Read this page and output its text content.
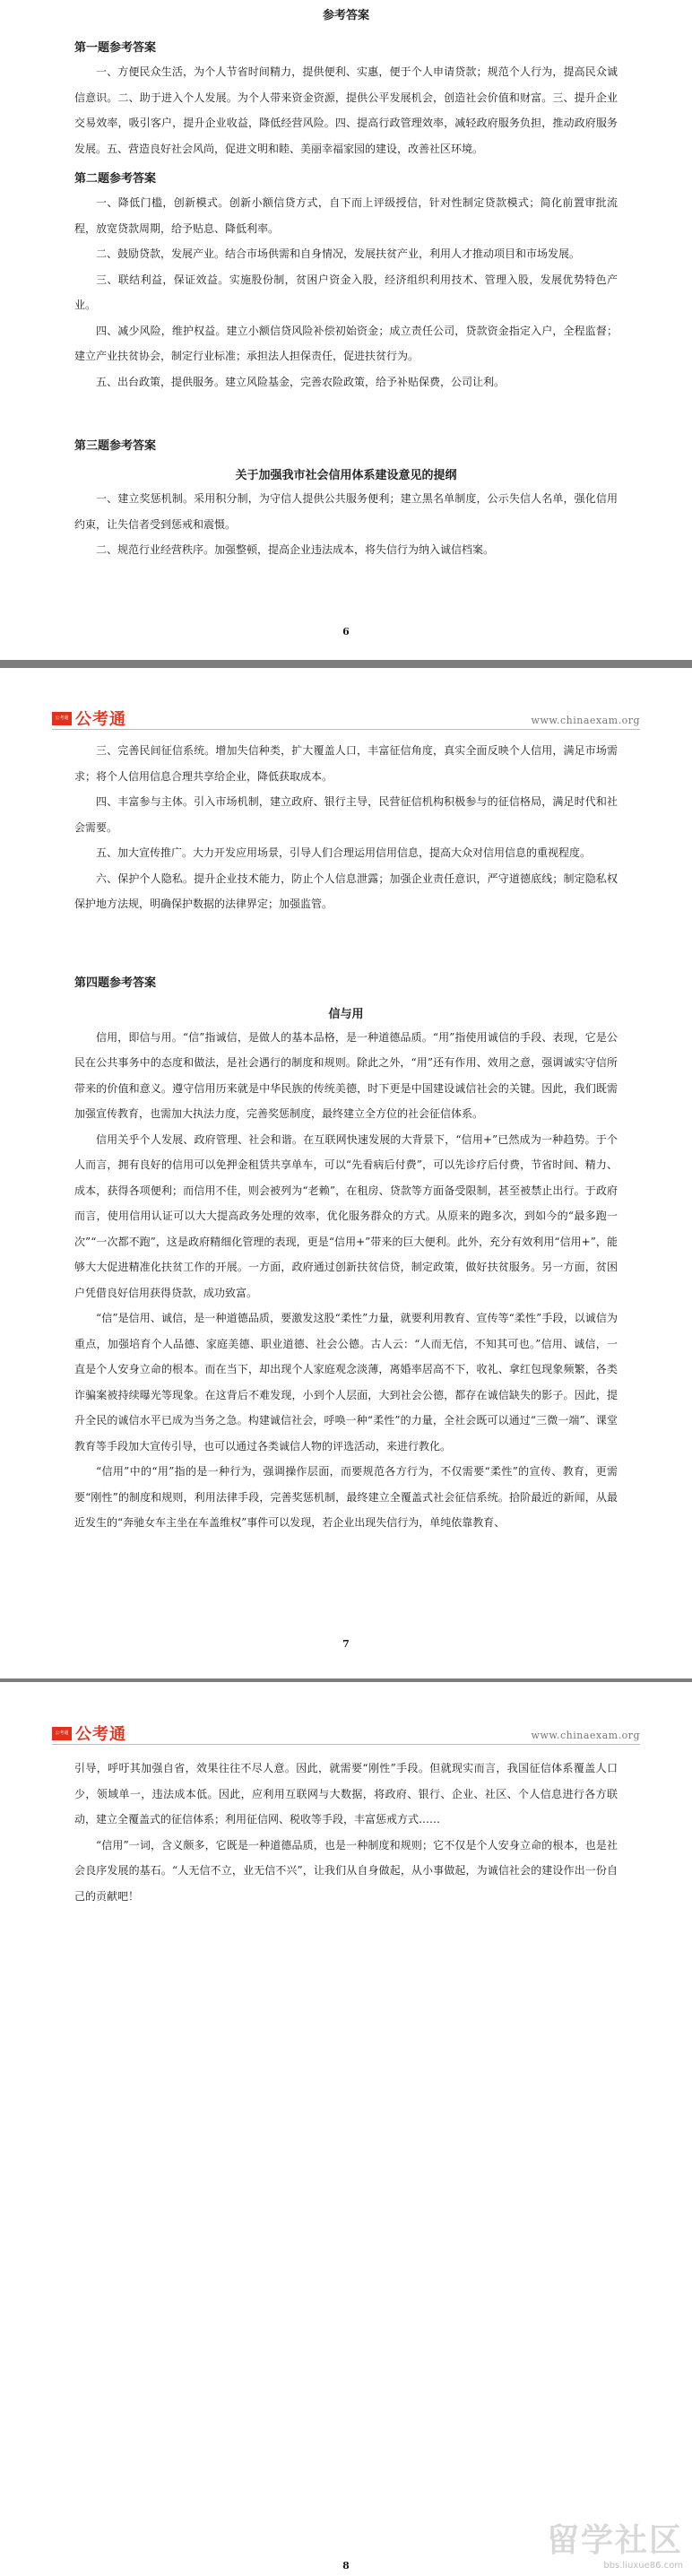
参考答案
第一题参考答案

一、方便民众生活，为个人节省时间精力，提供便利、实惠，便于个人申请贷款；规范个人行为，提高民众诚信意识。二、助于进入个人发展。为个人带来资金资源，提供公平发展机会，创造社会价值和财富。三、提升企业交易效率，吸引客户，提升企业收益，降低经营风险。四、提高行政管理效率，减轻政府服务负担，推动政府服务发展。五、营造良好社会风尚，促进文明和睦、美丽幸福家园的建设，改善社区环境。

第二题参考答案

一、降低门槛，创新模式。创新小额信贷方式，自下而上评级授信，针对性制定贷款模式；简化前置审批流程，放宽贷款周期，给予贴息、降低利率。

二、鼓励贷款，发展产业。结合市场供需和自身情况，发展扶贫产业，利用人才推动项目和市场发展。

三、联结利益，保证效益。实施股份制，贫困户资金入股，经济组织利用技术、管理入股，发展优势特色产业。

四、减少风险，维护权益。建立小额信贷风险补偿初始资金；成立责任公司，贷款资金指定入户，全程监督；建立产业扶贫协会，制定行业标准；承担法人担保责任，促进扶贫行为。

五、出台政策，提供服务。建立风险基金，完善农险政策，给予补贴保费，公司让利。

第三题参考答案
关于加强我市社会信用体系建设意见的提纲

一、建立奖惩机制。采用积分制，为守信人提供公共服务便利；建立黑名单制度，公示失信人名单，强化信用约束，让失信者受到惩戒和震慑。

二、规范行业经营秩序。加强整顿，提高企业违法成本，将失信行为纳入诚信档案。

6
公考通 公考通	www.chinaexam.org

三、完善民间征信系统。增加失信种类，扩大覆盖人口，丰富征信角度，真实全面反映个人信用，满足市场需求；将个人信用信息合理共享给企业，降低获取成本。

四、丰富参与主体。引入市场机制，建立政府、银行主导，民营征信机构积极参与的征信格局，满足时代和社会需要。

五、加大宣传推广。大力开发应用场景，引导人们合理运用信用信息，提高大众对信用信息的重视程度。

六、保护个人隐私。提升企业技术能力，防止个人信息泄露；加强企业责任意识，严守道德底线；制定隐私权保护地方法规，明确保护数据的法律界定；加强监管。

第四题参考答案
信与用

信用，即信与用。“信”指诚信，是做人的基本品格，是一种道德品质。“用”指使用诚信的手段、表现，它是公民在公共事务中的态度和做法，是社会遇行的制度和规则。除此之外，“用”还有作用、效用之意，强调诚实守信所带来的价值和意义。遵守信用历来就是中华民族的传统美德，时下更是中国建设诚信社会的关键。因此，我们既需加强宣传教育，也需加大执法力度，完善奖惩制度，最终建立全方位的社会征信体系。

信用关乎个人发展、政府管理、社会和谐。在互联网快速发展的大背景下，“信用+”已然成为一种趋势。于个人而言，拥有良好的信用可以免押金租赁共享单车，可以“先看病后付费”，可以先诊疗后付费，节省时间、精力、成本，获得各项便利；而信用不佳，则会被列为“老赖”，在租房、贷款等方面备受限制，甚至被禁止出行。于政府而言，使用信用认证可以大大提高政务处理的效率，优化服务群众的方式。从原来的跑多次，到如今的“最多跑一次”“一次都不跑”，这是政府精细化管理的表现，更是“信用+”带来的巨大便利。此外，充分有效利用“信用+”，能够大大促进精准化扶贫工作的开展。一方面，政府通过创新扶贫信贷，制定政策，做好扶贫服务。另一方面，贫困户凭借良好信用获得贷款，成功致富。

“信”是信用、诚信，是一种道德品质，要激发这股“柔性”力量，就要利用教育、宣传等“柔性”手段，以诚信为重点，加强培育个人品德、家庭美德、职业道德、社会公德。古人云：“人而无信，不知其可也。”信用、诚信，一直是个人安身立命的根本。而在当下，却出现个人家庭观念淡薄，离婚率居高不下，收礼、拿红包现象频繁，各类诈骗案被持续曝光等现象。在这背后不难发现，小到个人层面，大到社会公德，都存在诚信缺失的影子。因此，提升全民的诚信水平已成为当务之急。构建诚信社会，呼唤一种“柔性”的力量，全社会既可以通过“三微一端”、课堂教育等手段加大宣传引导，也可以通过各类诚信人物的评选活动，来进行教化。

“信用”中的“用”指的是一种行为，强调操作层面，而要规范各方行为，不仅需要“柔性”的宣传、教育，更需要“刚性”的制度和规则，利用法律手段，完善奖惩机制，最终建立全覆盖式社会征信系统。拾阶最近的新闻，从最近发生的“奔驰女车主坐在车盖维权”事件可以发现，若企业出现失信行为，单纯依靠教育、

7
公考通 公考通	www.chinaexam.org

引导，呼吁其加强自省，效果往往不尽人意。因此，就需要“刚性”手段。但就现实而言，我国征信体系覆盖人口少，领域单一，违法成本低。因此，应利用互联网与大数据，将政府、银行、企业、社区、个人信息进行各方联动，建立全覆盖式的征信体系；利用征信网、税收等手段，丰富惩戒方式……

“信用”一词，含义颇多，它既是一种道德品质，也是一种制度和规则；它不仅是个人安身立命的根本，也是社会良序发展的基石。“人无信不立，业无信不兴”，让我们从自身做起，从小事做起，为诚信社会的建设作出一份自己的贡献吧！

8
留学社区
bbs.liuxue86.com
